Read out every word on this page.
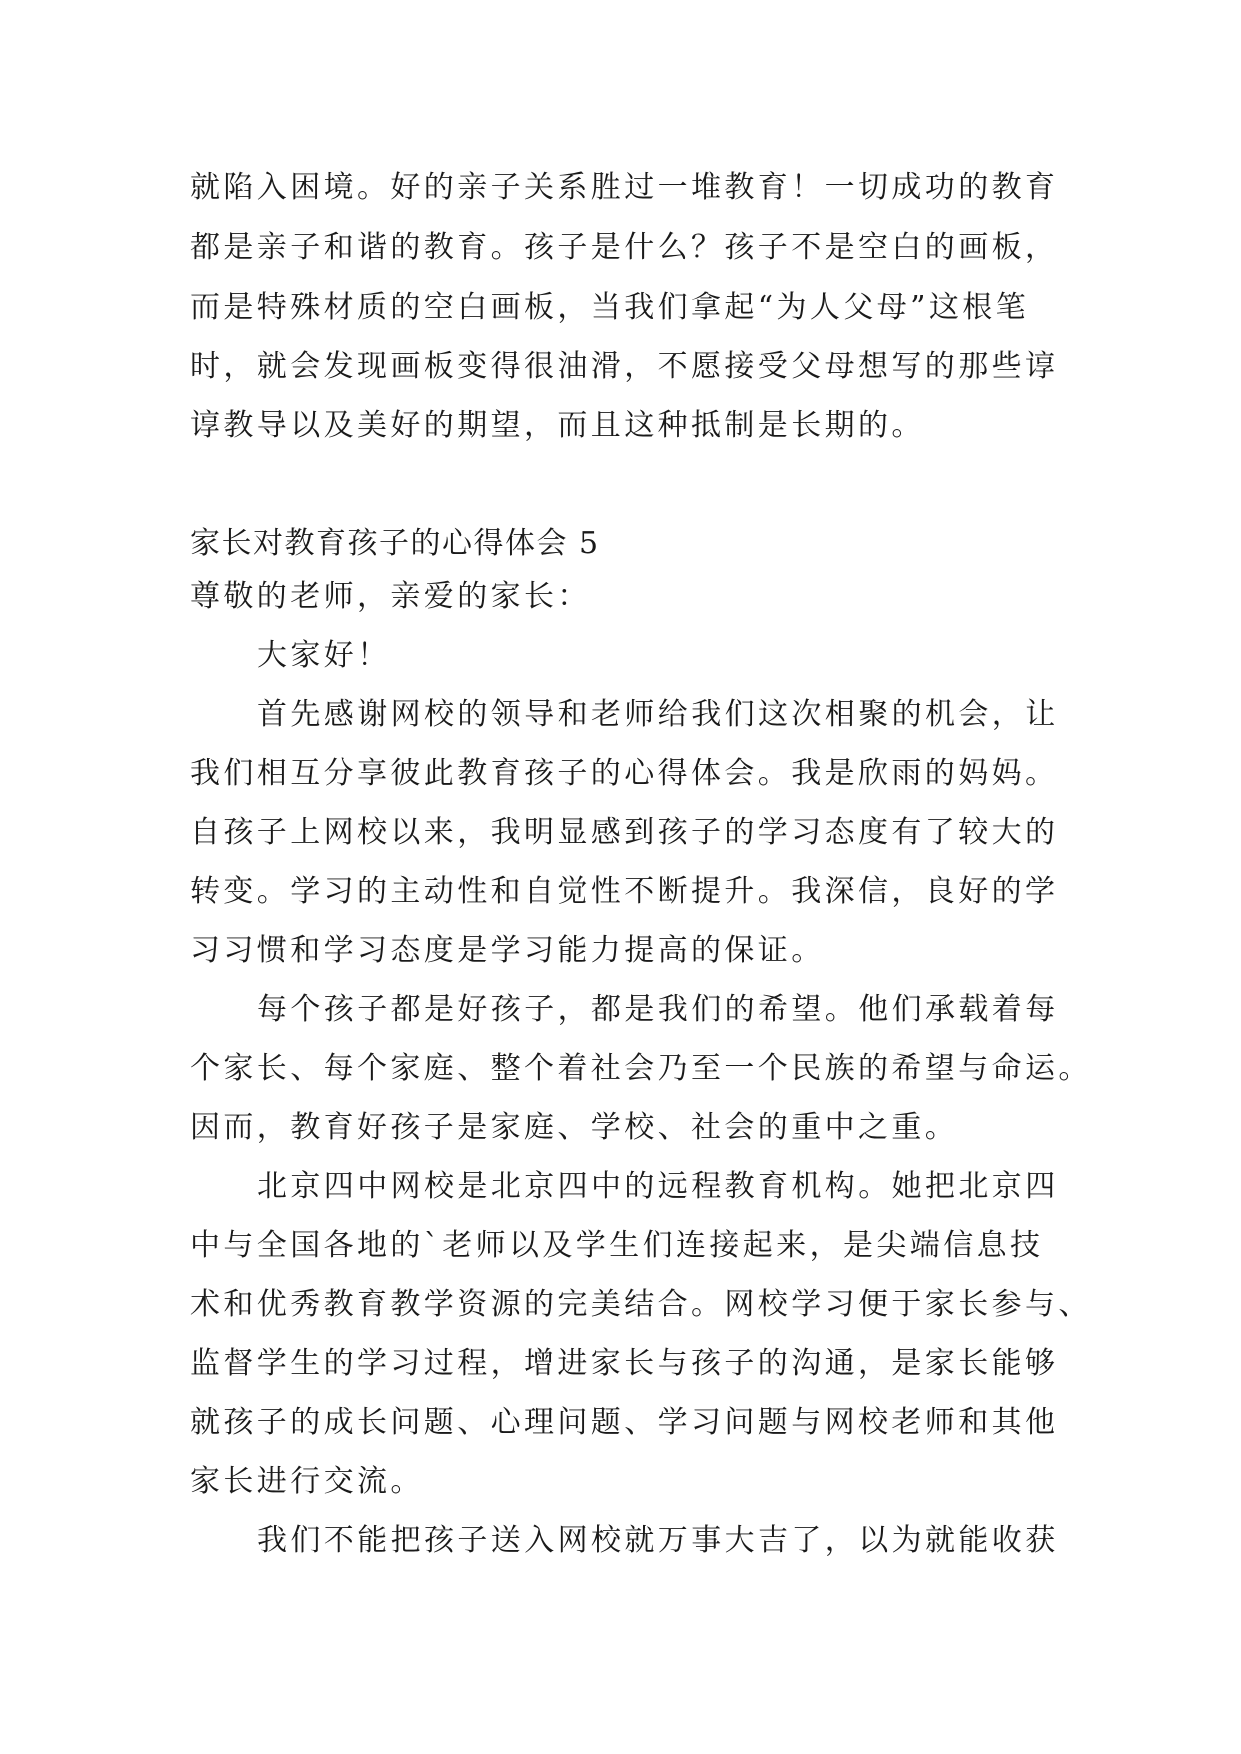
就陷入困境。好的亲子关系胜过一堆教育！一切成功的教育
都是亲子和谐的教育。孩子是什么？孩子不是空白的画板，
而是特殊材质的空白画板，当我们拿起“为人父母”这根笔
时，就会发现画板变得很油滑，不愿接受父母想写的那些谆
谆教导以及美好的期望，而且这种抵制是长期的。
家长对教育孩子的心得体会 5
尊敬的老师，亲爱的家长：
大家好！
首先感谢网校的领导和老师给我们这次相聚的机会，让
我们相互分享彼此教育孩子的心得体会。我是欣雨的妈妈。
自孩子上网校以来，我明显感到孩子的学习态度有了较大的
转变。学习的主动性和自觉性不断提升。我深信，良好的学
习习惯和学习态度是学习能力提高的保证。
每个孩子都是好孩子，都是我们的希望。他们承载着每
个家长、每个家庭、整个着社会乃至一个民族的希望与命运。
因而，教育好孩子是家庭、学校、社会的重中之重。
北京四中网校是北京四中的远程教育机构。她把北京四
中与全国各地的`老师以及学生们连接起来，是尖端信息技
术和优秀教育教学资源的完美结合。网校学习便于家长参与、
监督学生的学习过程，增进家长与孩子的沟通，是家长能够
就孩子的成长问题、心理问题、学习问题与网校老师和其他
家长进行交流。
我们不能把孩子送入网校就万事大吉了，以为就能收获
